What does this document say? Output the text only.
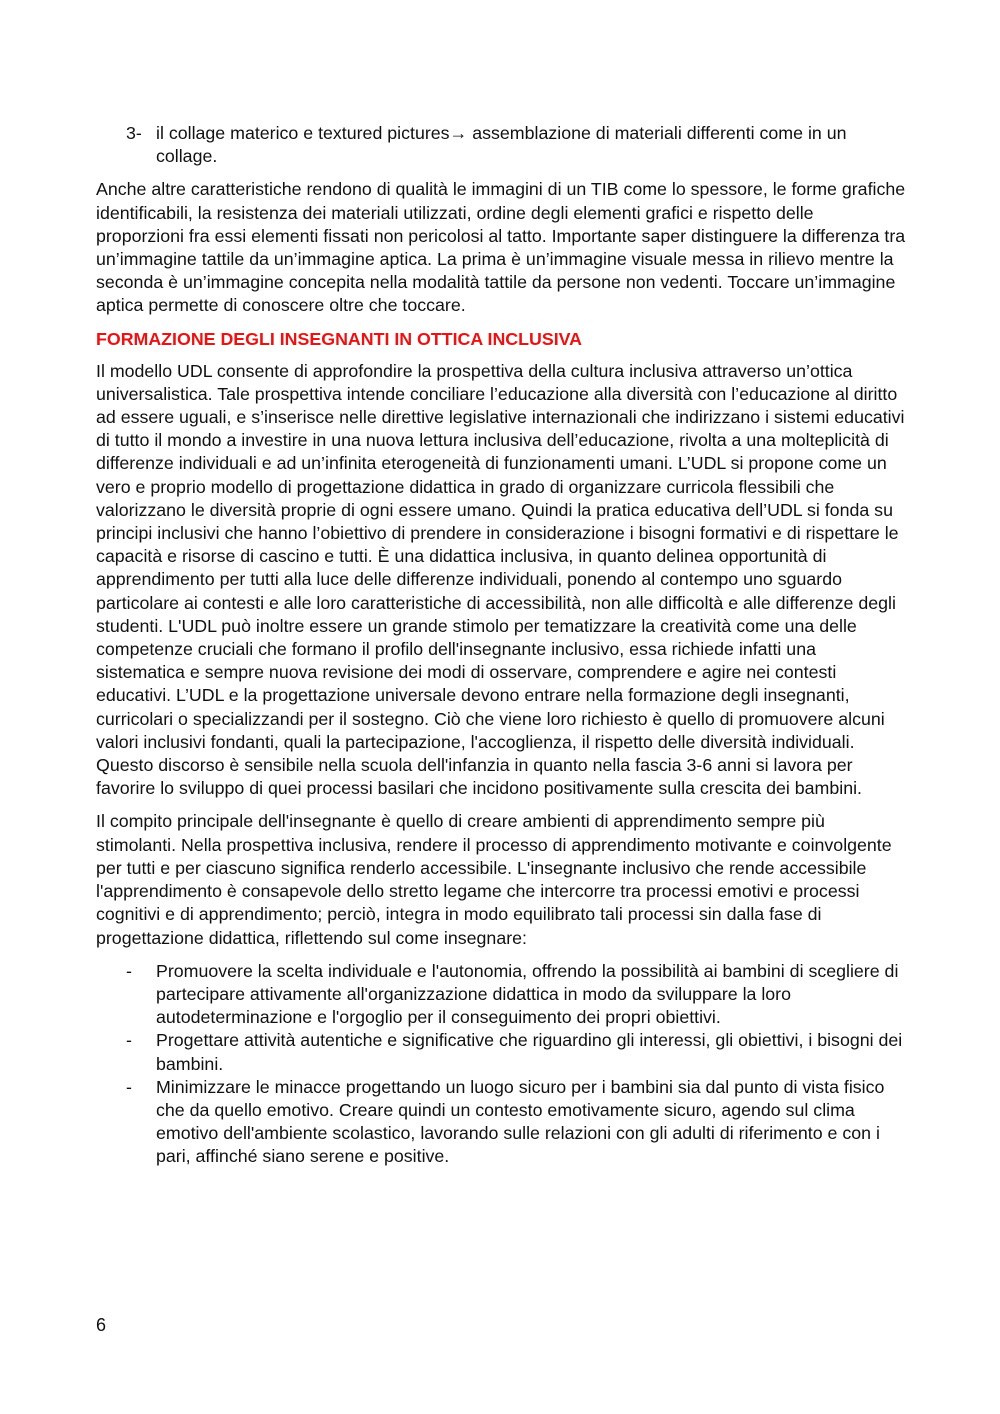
3- il collage materico e textured pictures→ assemblazione di materiali differenti come in un collage.

Anche altre caratteristiche rendono di qualità le immagini di un TIB come lo spessore, le forme grafiche identificabili, la resistenza dei materiali utilizzati, ordine degli elementi grafici e rispetto delle proporzioni fra essi elementi fissati non pericolosi al tatto. Importante saper distinguere la differenza tra un’immagine tattile da un’immagine aptica. La prima è un’immagine visuale messa in rilievo mentre la seconda è un’immagine concepita nella modalità tattile da persone non vedenti. Toccare un’immagine aptica permette di conoscere oltre che toccare.

FORMAZIONE DEGLI INSEGNANTI IN OTTICA INCLUSIVA

Il modello UDL consente di approfondire la prospettiva della cultura inclusiva attraverso un’ottica universalistica. Tale prospettiva intende conciliare l’educazione alla diversità con l’educazione al diritto ad essere uguali, e s’inserisce nelle direttive legislative internazionali che indirizzano i sistemi educativi di tutto il mondo a investire in una nuova lettura inclusiva dell’educazione, rivolta a una molteplicità di differenze individuali e ad un’infinita eterogeneità di funzionamenti umani. L’UDL si propone come un vero e proprio modello di progettazione didattica in grado di organizzare curricola flessibili che valorizzano le diversità proprie di ogni essere umano. Quindi la pratica educativa dell’UDL si fonda su principi inclusivi che hanno l’obiettivo di prendere in considerazione i bisogni formativi e di rispettare le capacità e risorse di cascino e tutti. È una didattica inclusiva, in quanto delinea opportunità di apprendimento per tutti alla luce delle differenze individuali, ponendo al contempo uno sguardo particolare ai contesti e alle loro caratteristiche di accessibilità, non alle difficoltà e alle differenze degli studenti. L'UDL può inoltre essere un grande stimolo per tematizzare la creatività come una delle competenze cruciali che formano il profilo dell'insegnante inclusivo, essa richiede infatti una sistematica e sempre nuova revisione dei modi di osservare, comprendere e agire nei contesti educativi. L’UDL e la progettazione universale devono entrare nella formazione degli insegnanti, curricolari o specializzandi per il sostegno. Ciò che viene loro richiesto è quello di promuovere alcuni valori inclusivi fondanti, quali la partecipazione, l'accoglienza, il rispetto delle diversità individuali. Questo discorso è sensibile nella scuola dell'infanzia in quanto nella fascia 3-6 anni si lavora per favorire lo sviluppo di quei processi basilari che incidono positivamente sulla crescita dei bambini.

Il compito principale dell'insegnante è quello di creare ambienti di apprendimento sempre più stimolanti. Nella prospettiva inclusiva, rendere il processo di apprendimento motivante e coinvolgente per tutti e per ciascuno significa renderlo accessibile. L'insegnante inclusivo che rende accessibile l'apprendimento è consapevole dello stretto legame che intercorre tra processi emotivi e processi cognitivi e di apprendimento; perciò, integra in modo equilibrato tali processi sin dalla fase di progettazione didattica, riflettendo sul come insegnare:

- Promuovere la scelta individuale e l'autonomia, offrendo la possibilità ai bambini di scegliere di partecipare attivamente all'organizzazione didattica in modo da sviluppare la loro autodeterminazione e l'orgoglio per il conseguimento dei propri obiettivi.
- Progettare attività autentiche e significative che riguardino gli interessi, gli obiettivi, i bisogni dei bambini.
- Minimizzare le minacce progettando un luogo sicuro per i bambini sia dal punto di vista fisico che da quello emotivo. Creare quindi un contesto emotivamente sicuro, agendo sul clima emotivo dell'ambiente scolastico, lavorando sulle relazioni con gli adulti di riferimento e con i pari, affinché siano serene e positive.
6
